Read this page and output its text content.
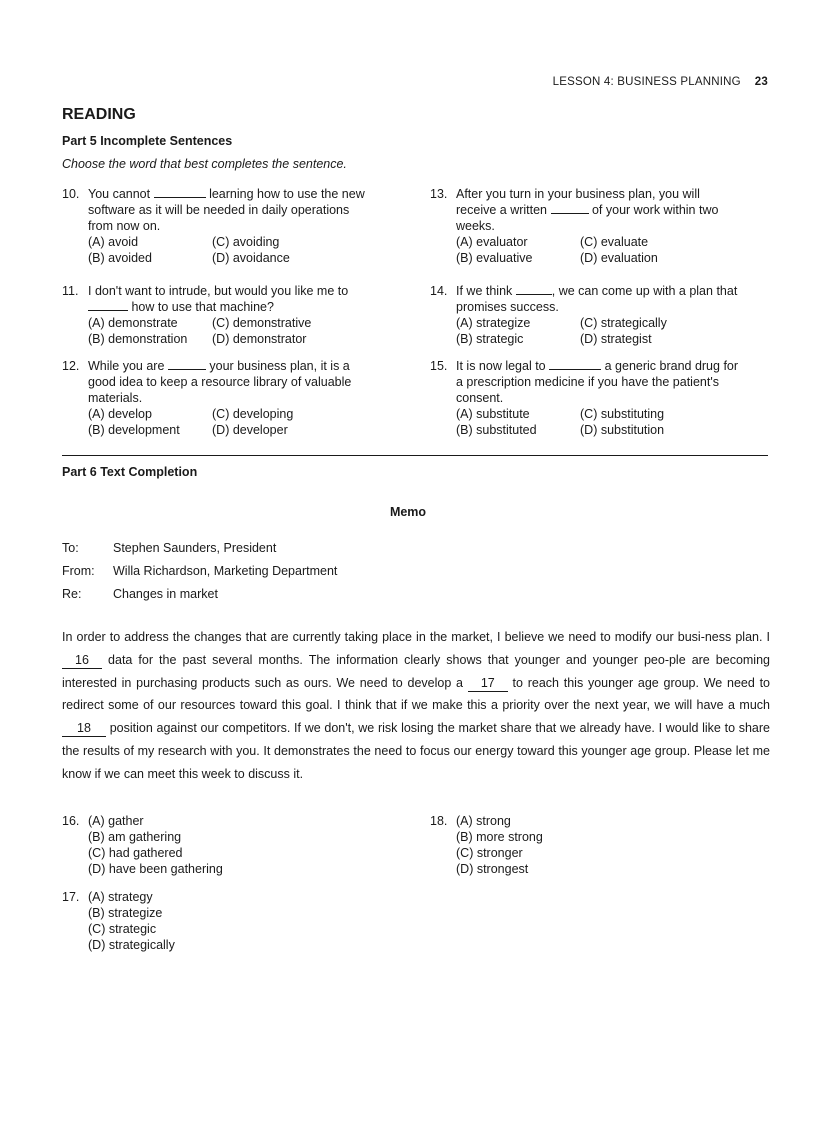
LESSON 4: BUSINESS PLANNING 23
READING
Part 5 Incomplete Sentences
Choose the word that best completes the sentence.
10. You cannot	learning how to use the new
software as it will be needed in daily operations
from now on.
(A) avoid	(C) avoiding
(B) avoided	(D) avoidance
11. I don't want to intrude, but would you like me to
how to use that machine?
(A) demonstrate	(C) demonstrative
(B) demonstration	(D) demonstrator
12. While you are	your business plan, it is a
good idea to keep a resource library of valuable
materials.
(A) develop	(C) developing
(B) development	(D) developer
13. After you turn in your business plan, you will
receive a written	of your work within two
weeks.
(A) evaluator	(C) evaluate
(B) evaluative	(D) evaluation
14. If we think	, we can come up with a plan that
promises success.
(A) strategize	(C) strategically
(B) strategic	(D) strategist
15. It is now legal to	a generic brand drug for
a prescription medicine if you have the patient's
consent.
(A) substitute	(C) substituting
(B) substituted	(D) substitution
Part 6 Text Completion
Memo
To:	Stephen Saunders, President
From:	Willa Richardson, Marketing Department
Re:	Changes in market
In order to address the changes that are currently taking place in the market, I believe we need to modify our busi-ness plan. I 16 data for the past several months. The information clearly shows that younger and younger peo-ple are becoming interested in purchasing products such as ours. We need to develop a 17 to reach this younger age group. We need to redirect some of our resources toward this goal. I think that if we make this a priority over the next year, we will have a much 18 position against our competitors. If we don't, we risk losing the market share that we already have. I would like to share the results of my research with you. It demonstrates the need to focus our energy toward this younger age group. Please let me know if we can meet this week to discuss it.
16. (A) gather
(B) am gathering
(C) had gathered
(D) have been gathering
17. (A) strategy
(B) strategize
(C) strategic
(D) strategically
18. (A) strong
(B) more strong
(C) stronger
(D) strongest
